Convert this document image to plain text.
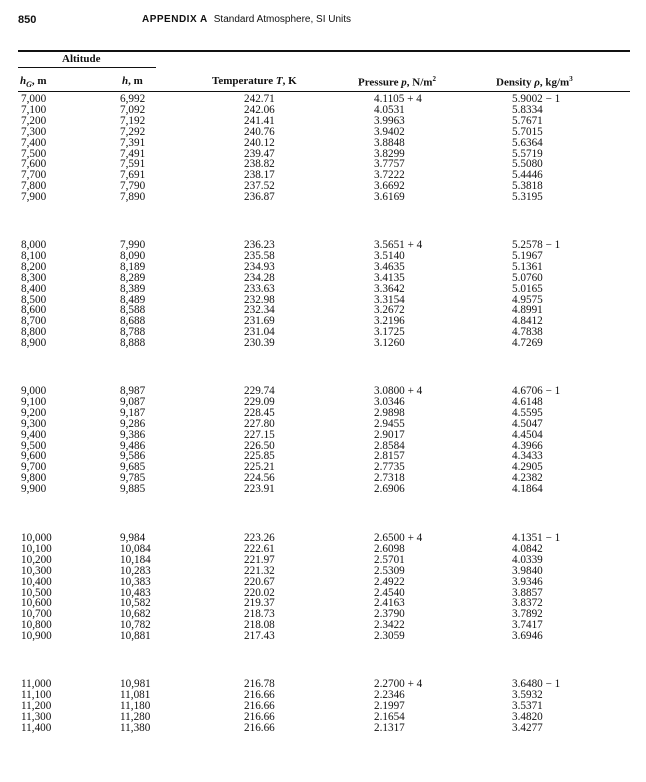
850	APPENDIX A Standard Atmosphere, SI Units
Altitude
$h_G$, m	h, m	Temperature T, K	Pressure p, $N/m^2$	Density ρ, $kg/m^3$
7,000	6,992	242.71	4.1105 + 4	5.9002 − 1
7,100	7,092	242.06	4.0531	5.8334
7,200	7,192	241.41	3.9963	5.7671
7,300	7,292	240.76	3.9402	5.7015
7,400	7,391	240.12	3.8848	5.6364
7,500	7,491	239.47	3.8299	5.5719
7,600	7,591	238.82	3.7757	5.5080
7,700	7,691	238.17	3.7222	5.4446
7,800	7,790	237.52	3.6692	5.3818
7,900	7,890	236.87	3.6169	5.3195
8,000	7,990	236.23	3.5651 + 4	5.2578 − 1
8,100	8,090	235.58	3.5140	5.1967
8,200	8,189	234.93	3.4635	5.1361
8,300	8,289	234.28	3.4135	5.0760
8,400	8,389	233.63	3.3642	5.0165
8,500	8,489	232.98	3.3154	4.9575
8,600	8,588	232.34	3.2672	4.8991
8,700	8,688	231.69	3.2196	4.8412
8,800	8,788	231.04	3.1725	4.7838
8,900	8,888	230.39	3.1260	4.7269
9,000	8,987	229.74	3.0800 + 4	4.6706 − 1
9,100	9,087	229.09	3.0346	4.6148
9,200	9,187	228.45	2.9898	4.5595
9,300	9,286	227.80	2.9455	4.5047
9,400	9,386	227.15	2.9017	4.4504
9,500	9,486	226.50	2.8584	4.3966
9,600	9,586	225.85	2.8157	4.3433
9,700	9,685	225.21	2.7735	4.2905
9,800	9,785	224.56	2.7318	4.2382
9,900	9,885	223.91	2.6906	4.1864
10,000	9,984	223.26	2.6500 + 4	4.1351 − 1
10,100	10,084	222.61	2.6098	4.0842
10,200	10,184	221.97	2.5701	4.0339
10,300	10,283	221.32	2.5309	3.9840
10,400	10,383	220.67	2.4922	3.9346
10,500	10,483	220.02	2.4540	3.8857
10,600	10,582	219.37	2.4163	3.8372
10,700	10,682	218.73	2.3790	3.7892
10,800	10,782	218.08	2.3422	3.7417
10,900	10,881	217.43	2.3059	3.6946
11,000	10,981	216.78	2.2700 + 4	3.6480 − 1
11,100	11,081	216.66	2.2346	3.5932
11,200	11,180	216.66	2.1997	3.5371
11,300	11,280	216.66	2.1654	3.4820
11,400	11,380	216.66	2.1317	3.4277
